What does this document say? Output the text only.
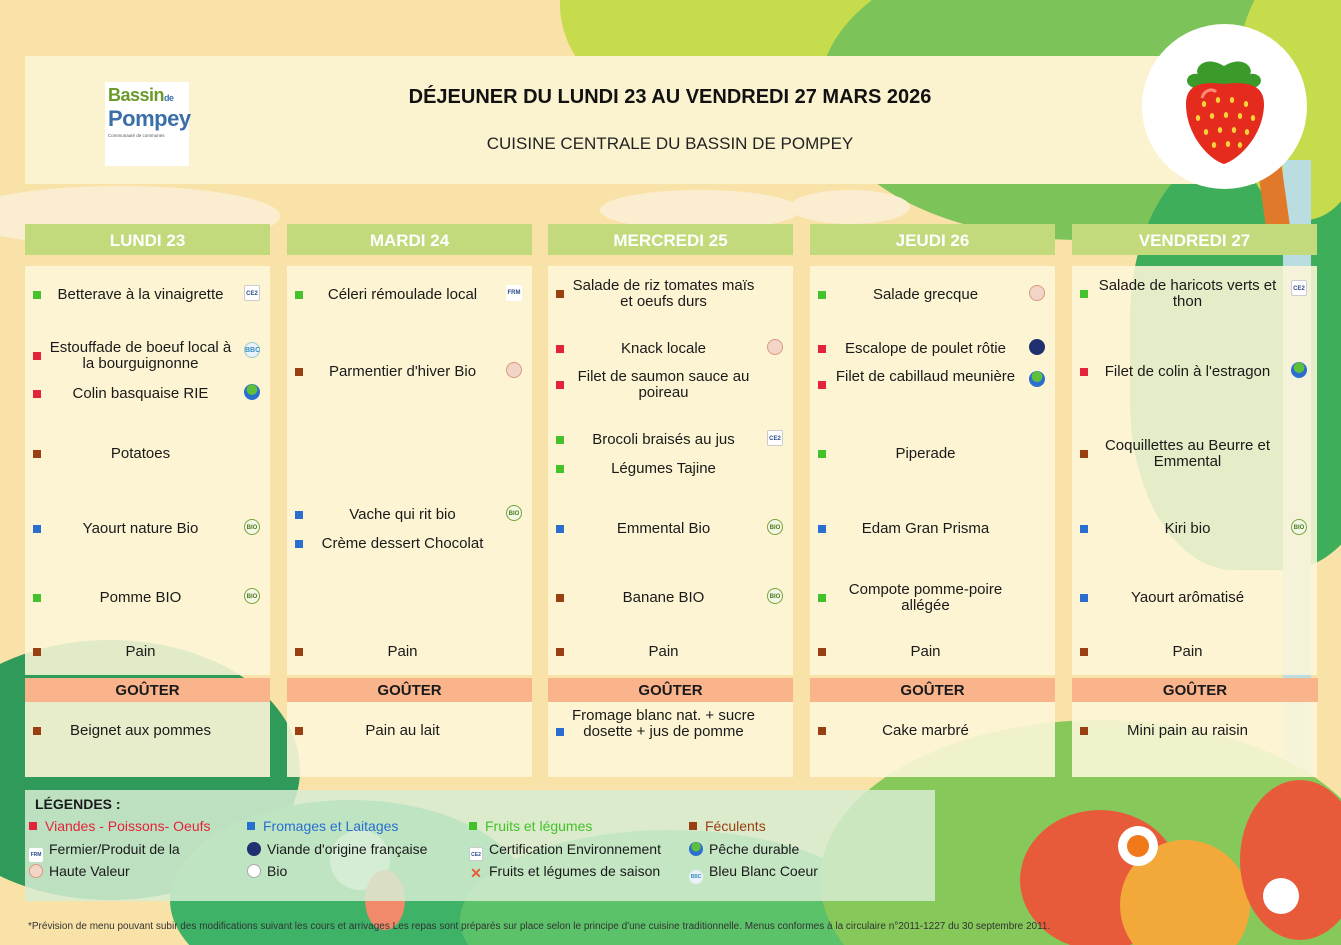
Bassinde
Pompey
Communauté de communes
DÉJEUNER DU LUNDI 23 AU VENDREDI 27 MARS 2026
CUISINE CENTRALE DU BASSIN DE POMPEY
LUNDI 23
Betterave à la vinaigrette	CE2
Estouffade de boeuf local à la bourguignonne
BBC
Colin basquaise RIE
Potatoes
Yaourt nature Bio	BIO
Pomme BIO	BIO
Pain
GOÛTER
Beignet aux pommes
MARDI 24
Céleri rémoulade local	FRM
Parmentier d'hiver Bio
Vache qui rit bio	BIO
Crème dessert Chocolat
Pain
GOÛTER
Pain au lait
MERCREDI 25
Salade de riz tomates maïs et oeufs durs
Knack locale
Filet de saumon sauce au poireau
Brocoli braisés au jus	CE2
Légumes Tajine
Emmental Bio	BIO
Banane BIO	BIO
Pain
GOÛTER
Fromage blanc nat. + sucre dosette + jus de pomme
JEUDI 26
Salade grecque
Escalope de poulet rôtie
Filet de cabillaud meunière
Piperade
Edam Gran Prisma
Compote pomme-poire allégée
Pain
GOÛTER
Cake marbré
VENDREDI 27
Salade de haricots verts et thon
CE2
Filet de colin à l'estragon
Coquillettes au Beurre et Emmental
Kiri bio	BIO
Yaourt arômatisé
Pain
GOÛTER
Mini pain au raisin
LÉGENDES :
Viandes - Poissons- Oeufs	Fromages et Laitages	Fruits et légumes	Féculents
FRM Fermier/Produit de la
Haute Valeur
Viande d'origine française
Bio
CE2 Certification Environnement
✕ Fruits et légumes de saison
Pêche durable
BBC Bleu Blanc Coeur
*Prévision de menu pouvant subir des modifications suivant les cours et arrivages Les repas sont préparés sur place selon le principe d'une cuisine traditionnelle. Menus conformes à la circulaire n°2011-1227 du 30 septembre 2011.
